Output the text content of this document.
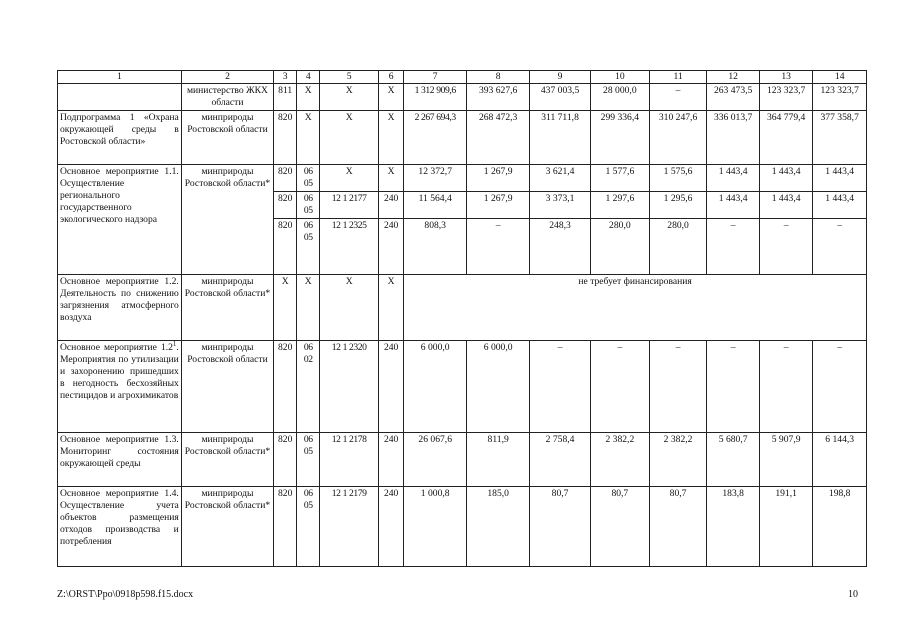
1	2	3	4	5	6	7	8	9	10	11	12	13	14
	министерство ЖКХ области	811	Х	Х	Х	1 312 909,6	393 627,6	437 003,5	28 000,0	–	263 473,5	123 323,7	123 323,7
Подпрограмма 1 «Охрана окружающей среды в Ростовской области»	минприроды Ростовской области	820	Х	Х	Х	2 267 694,3	268 472,3	311 711,8	299 336,4	310 247,6	336 013,7	364 779,4	377 358,7
Основное мероприятие 1.1. Осуществление регионального государственного экологического надзора	минприроды Ростовской области*	820	06 05	Х	Х	12 372,7	1 267,9	3 621,4	1 577,6	1 575,6	1 443,4	1 443,4	1 443,4
		820	06 05	12 1 2177	240	11 564,4	1 267,9	3 373,1	1 297,6	1 295,6	1 443,4	1 443,4	1 443,4
		820	06 05	12 1 2325	240	808,3	–	248,3	280,0	280,0	–	–	–
Основное мероприятие 1.2. Деятельность по снижению загрязнения атмосферного воздуха	минприроды Ростовской области*	Х	Х	Х	Х	не требует финансирования							
Основное мероприятие $1.2^1$. Мероприятия по утилизации и захоронению пришедших в негодность бесхозяйных пестицидов и агрохимикатов	минприроды Ростовской области	820	06 02	12 1 2320	240	6 000,0	6 000,0	–	–	–	–	–	–
Основное мероприятие 1.3. Мониторинг состояния окружающей среды	минприроды Ростовской области*	820	06 05	12 1 2178	240	26 067,6	811,9	2 758,4	2 382,2	2 382,2	5 680,7	5 907,9	6 144,3
Основное мероприятие 1.4. Осуществление учета объектов размещения отходов производства и потребления	минприроды Ростовской области*	820	06 05	12 1 2179	240	1 000,8	185,0	80,7	80,7	80,7	183,8	191,1	198,8
Z:\ORST\Ppo\0918p598.f15.docx	10
